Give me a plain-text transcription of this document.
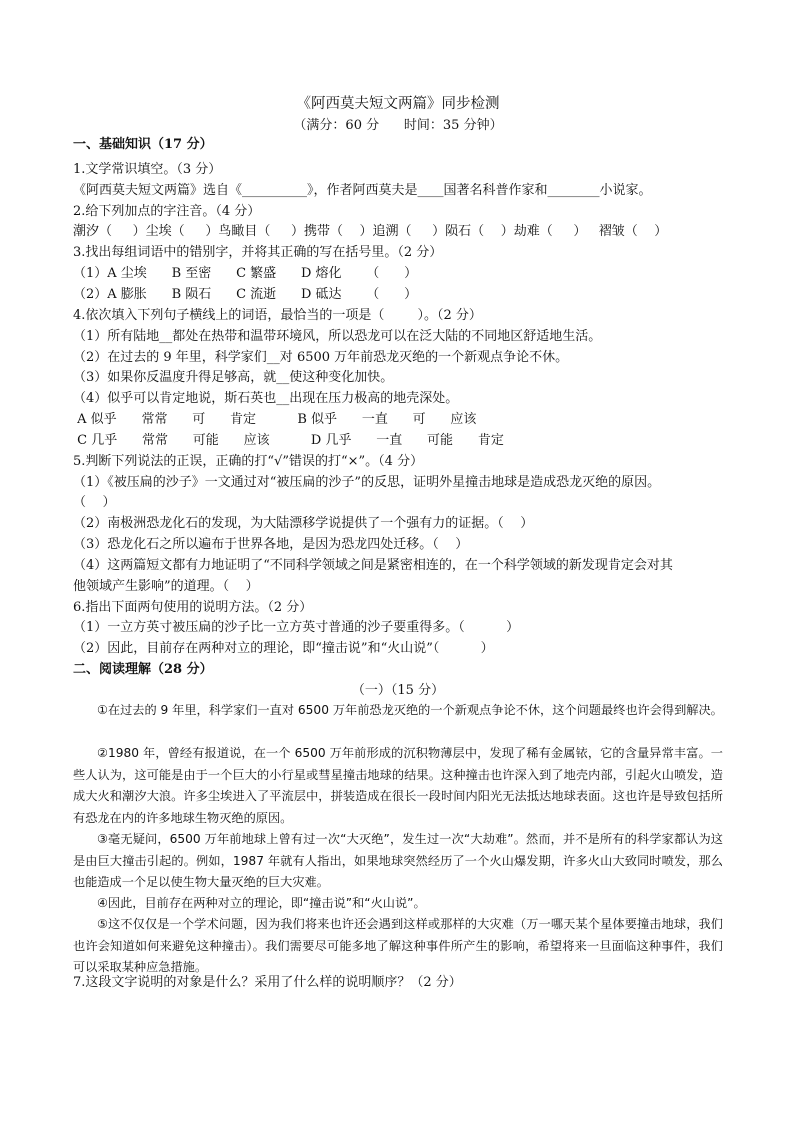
《阿西莫夫短文两篇》同步检测
（满分：60 分      时间：35 分钟）
一、基础知识（17 分）
1.文学常识填空。（3 分）
《阿西莫夫短文两篇》选自《__________》，作者阿西莫夫是____国著名科普作家和________小说家。
2.给下列加点的字注音。（4 分）
潮汐（     ）尘埃（     ）鸟瞰目（     ）携带（    ）追溯（     ）陨石（    ）劫难（     ）   褶皱（    ）
3.找出每组词语中的错别字，并将其正确的写在括号里。（2 分）
（1）A 尘埃      B 至密      C 繁盛      D 熔化      （      ）
（2）A 膨胀      B 陨石      C 流逝      D 砥达      （      ）
4.依次填入下列句子横线上的词语，最恰当的一项是（        ）。（2 分）
（1）所有陆地__都处在热带和温带环境风，所以恐龙可以在泛大陆的不同地区舒适地生活。
（2）在过去的 9 年里，科学家们__对 6500 万年前恐龙灭绝的一个新观点争论不休。
（3）如果你反温度升得足够高，就__使这种变化加快。
（4）似乎可以肯定地说，斯石英也__出现在压力极高的地壳深处。
A 似乎      常常      可      肯定          B 似乎      一直      可      应该
C 几乎      常常      可能      应该          D 几乎      一直      可能      肯定
5.判断下列说法的正误，正确的打“√”错误的打“×”。（4 分）
（1）《被压扁的沙子》一文通过对“被压扁的沙子”的反思，证明外星撞击地球是造成恐龙灭绝的原因。
（    ）
（2）南极洲恐龙化石的发现，为大陆漂移学说提供了一个强有力的证据。（    ）
（3）恐龙化石之所以遍布于世界各地，是因为恐龙四处迁移。（    ）
（4）这两篇短文都有力地证明了“不同科学领域之间是紧密相连的，在一个科学领域的新发现肯定会对其
他领域产生影响”的道理。（    ）
6.指出下面两句使用的说明方法。（2 分）
（1）一立方英寸被压扁的沙子比一立方英寸普通的沙子要重得多。（          ）
（2）因此，目前存在两种对立的理论，即“撞击说”和“火山说”（          ）
二、阅读理解（28 分）
（一）（15 分）
①在过去的 9 年里，科学家们一直对 6500 万年前恐龙灭绝的一个新观点争论不休，这个问题最终也许会得到解决。
②1980 年，曾经有报道说，在一个 6500 万年前形成的沉积物薄层中，发现了稀有金属铱，它的含量异常丰富。一些人认为，这可能是由于一个巨大的小行星或彗星撞击地球的结果。这种撞击也许深入到了地壳内部，引起火山喷发，造成大火和潮汐大浪。许多尘埃进入了平流层中，拼装造成在很长一段时间内阳光无法抵达地球表面。这也许是导致包括所有恐龙在内的许多地球生物灭绝的原因。
③毫无疑问，6500 万年前地球上曾有过一次“大灭绝”，发生过一次“大劫难”。然而，并不是所有的科学家都认为这是由巨大撞击引起的。例如，1987 年就有人指出，如果地球突然经历了一个火山爆发期，许多火山大致同时喷发，那么也能造成一个足以使生物大量灭绝的巨大灾难。
④因此，目前存在两种对立的理论，即“撞击说”和“火山说”。
⑤这不仅仅是一个学术问题，因为我们将来也许还会遇到这样或那样的大灾难（万一哪天某个星体要撞击地球，我们也许会知道如何来避免这种撞击）。我们需要尽可能多地了解这种事件所产生的影响，希望将来一旦面临这种事件，我们可以采取某种应急措施。
7.这段文字说明的对象是什么？采用了什么样的说明顺序？（2 分）
